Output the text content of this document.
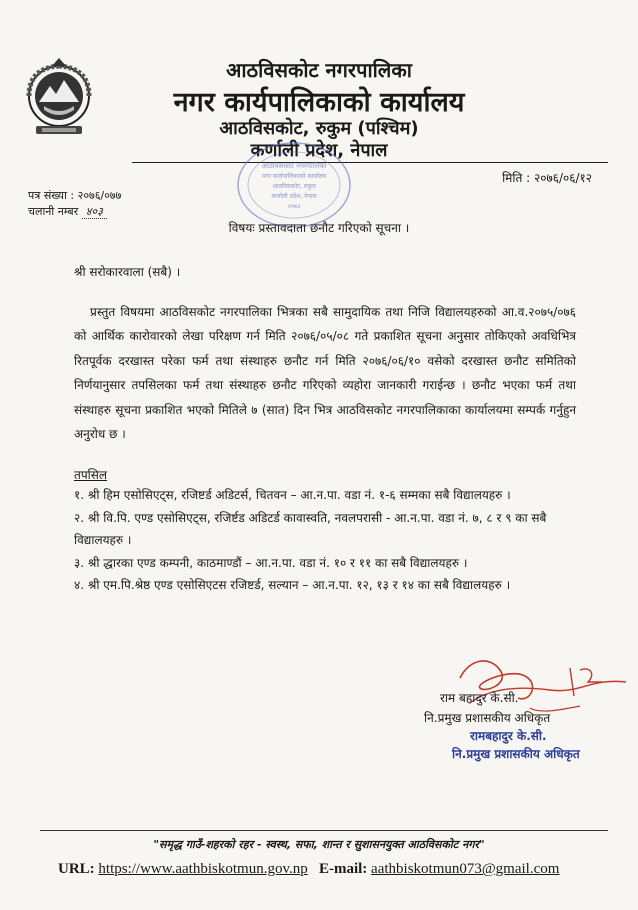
आठविसकोट नगरपालिका
नगर कार्यपालिकाको कार्यालय
आठविसकोट, रुकुम (पश्चिम)
कर्णाली प्रदेश, नेपाल
आठविसकोट नगरपालिका
नगर कार्यपालिकाको कार्यालय
आठविसकोट, रुकुम
कर्णाली प्रदेश, नेपाल
२०७३
मिति : २०७६/०६/१२
पत्र संख्या : २०७६/०७७
चलानी नम्बर ४०३
विषयः प्रस्तावदाता छनौट गरिएको सूचना ।
श्री सरोकारवाला (सबै) ।

प्रस्तुत विषयमा आठविसकोट नगरपालिका भित्रका सबै सामुदायिक तथा निजि विद्यालयहरुको आ.व.२०७५/०७६ को आर्थिक कारोवारको लेखा परिक्षण गर्न मिति २०७६/०५/०८ गते प्रकाशित सूचना अनुसार तोकिएको अवधिभित्र रितपूर्वक दरखास्त परेका फर्म तथा संस्थाहरु छनौट गर्न मिति २०७६/०६/१० वसेको दरखास्त छनौट समितिको निर्णयानुसार तपसिलका फर्म तथा संस्थाहरु छनौट गरिएको व्यहोरा जानकारी गराईन्छ । छनौट भएका फर्म तथा संस्थाहरु सूचना प्रकाशित भएको मितिले ७ (सात) दिन भित्र आठविसकोट नगरपालिकाका कार्यालयमा सम्पर्क गर्नुहुन अनुरोध छ ।

तपसिल
१. श्री हिम एसोसिएट्स, रजिष्टर्ड अडिटर्स, चितवन – आ.न.पा. वडा नं. १-६ सम्मका सबै विद्यालयहरु ।
२. श्री वि.पि. एण्ड एसोसिएट्स, रजिर्ष्टड अडिटर्ड कावास्वति, नवलपरासी - आ.न.पा. वडा नं. ७, ८ र ९ का सबै विद्यालयहरु ।
३. श्री द्धारका एण्ड कम्पनी, काठमाण्डौं – आ.न.पा. वडा नं. १० र ११ का सबै विद्यालयहरु ।
४. श्री एम.पि.श्रेष्ठ एण्ड एसोसिएटस रजिष्टर्ड, सल्यान – आ.न.पा. १२, १३ र १४ का सबै विद्यालयहरु ।
राम बहादुर के.सी.
नि.प्रमुख प्रशासकीय अधिकृत
रामबहादुर के.सी.
नि.प्रमुख प्रशासकीय अधिकृत
"समृद्ध गाउँ-शहरको रहर - स्वस्थ, सफा, शान्त र सुशासनयुक्त आठविसकोट नगर"
URL: https://www.aathbiskotmun.gov.np E-mail: aathbiskotmun073@gmail.com
